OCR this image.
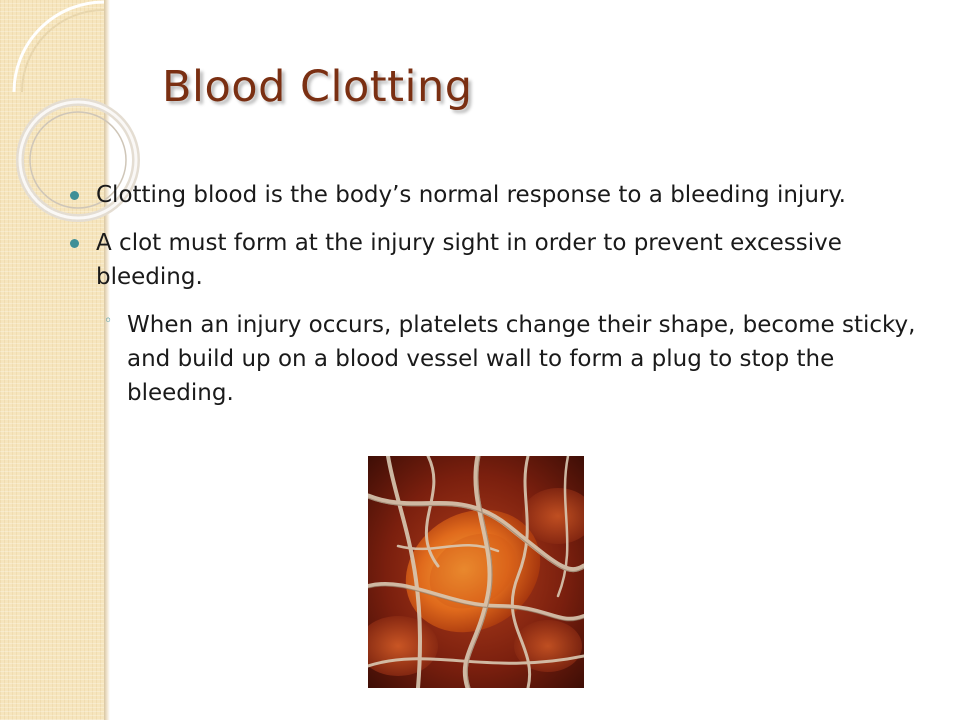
Blood Clotting
Clotting blood is the body’s normal response to a bleeding injury.
A clot must form at the injury sight in order to prevent excessive bleeding.
◦ When an injury occurs, platelets change their shape, become sticky, and build up on a blood vessel wall to form a plug to stop the bleeding.
